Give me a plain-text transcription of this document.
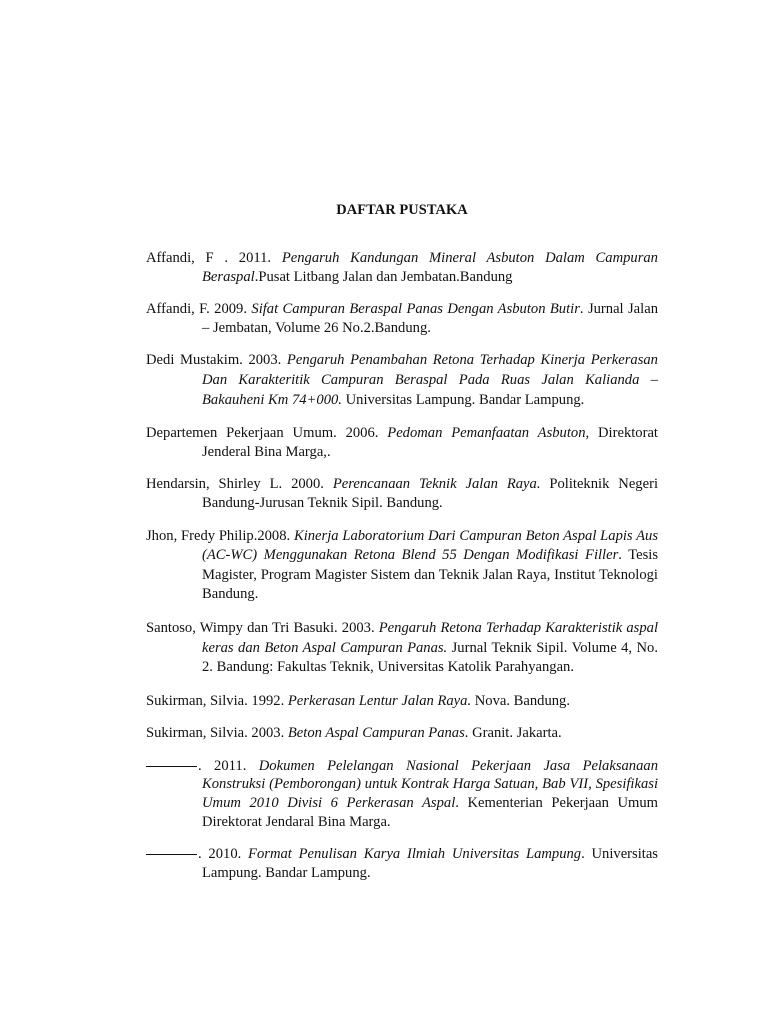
DAFTAR PUSTAKA

Affandi, F . 2011. Pengaruh Kandungan Mineral Asbuton Dalam Campuran Beraspal.Pusat Litbang Jalan dan Jembatan.Bandung

Affandi, F. 2009. Sifat Campuran Beraspal Panas Dengan Asbuton Butir. Jurnal Jalan – Jembatan, Volume 26 No.2.Bandung.

Dedi Mustakim. 2003. Pengaruh Penambahan Retona Terhadap Kinerja Perkerasan Dan Karakteritik Campuran Beraspal Pada Ruas Jalan Kalianda – Bakauheni Km 74+000. Universitas Lampung. Bandar Lampung.

Departemen Pekerjaan Umum. 2006. Pedoman Pemanfaatan Asbuton, Direktorat Jenderal Bina Marga,.

Hendarsin, Shirley L. 2000. Perencanaan Teknik Jalan Raya. Politeknik Negeri Bandung-Jurusan Teknik Sipil. Bandung.

Jhon, Fredy Philip.2008. Kinerja Laboratorium Dari Campuran Beton Aspal Lapis Aus (AC-WC) Menggunakan Retona Blend 55 Dengan Modifikasi Filler. Tesis Magister, Program Magister Sistem dan Teknik Jalan Raya, Institut Teknologi Bandung.

Santoso, Wimpy dan Tri Basuki. 2003. Pengaruh Retona Terhadap Karakteristik aspal keras dan Beton Aspal Campuran Panas. Jurnal Teknik Sipil. Volume 4, No. 2. Bandung: Fakultas Teknik, Universitas Katolik Parahyangan.

Sukirman, Silvia. 1992. Perkerasan Lentur Jalan Raya. Nova. Bandung.

Sukirman, Silvia. 2003. Beton Aspal Campuran Panas. Granit. Jakarta.

. 2011. Dokumen Pelelangan Nasional Pekerjaan Jasa Pelaksanaan Konstruksi (Pemborongan) untuk Kontrak Harga Satuan, Bab VII, Spesifikasi Umum 2010 Divisi 6 Perkerasan Aspal. Kementerian Pekerjaan Umum Direktorat Jendaral Bina Marga.

. 2010. Format Penulisan Karya Ilmiah Universitas Lampung. Universitas Lampung. Bandar Lampung.
